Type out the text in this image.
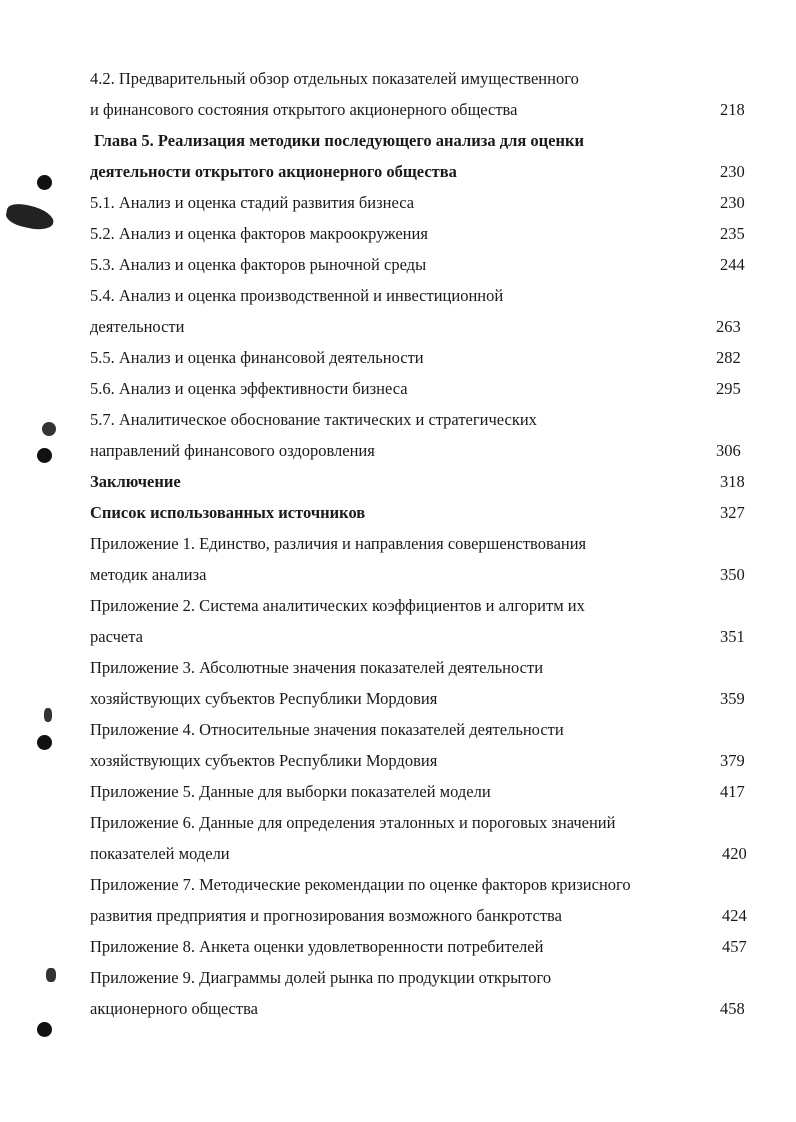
4.2. Предварительный обзор отдельных показателей имущественного
и финансового состояния открытого акционерного общества	218
Глава 5. Реализация методики последующего анализа для оценки
деятельности открытого акционерного общества	230
5.1. Анализ и оценка стадий развития бизнеса	230
5.2. Анализ и оценка факторов макроокружения	235
5.3. Анализ и оценка факторов рыночной среды	244
5.4. Анализ и оценка производственной и инвестиционной
деятельности	263
5.5. Анализ и оценка финансовой деятельности	282
5.6. Анализ и оценка эффективности бизнеса	295
5.7. Аналитическое обоснование тактических и стратегических
направлений финансового оздоровления	306
Заключение	318
Список использованных источников	327
Приложение 1. Единство, различия и направления совершенствования
методик анализа	350
Приложение 2. Система аналитических коэффициентов и алгоритм их
расчета	351
Приложение 3. Абсолютные значения показателей деятельности
хозяйствующих субъектов Республики Мордовия	359
Приложение 4. Относительные значения показателей деятельности
хозяйствующих субъектов Республики Мордовия	379
Приложение 5. Данные для выборки показателей модели	417
Приложение 6. Данные для определения эталонных и пороговых значений
показателей модели	420
Приложение 7. Методические рекомендации по оценке факторов кризисного
развития предприятия и прогнозирования возможного банкротства	424
Приложение 8. Анкета оценки удовлетворенности потребителей	457
Приложение 9. Диаграммы долей рынка по продукции открытого
акционерного общества	458
